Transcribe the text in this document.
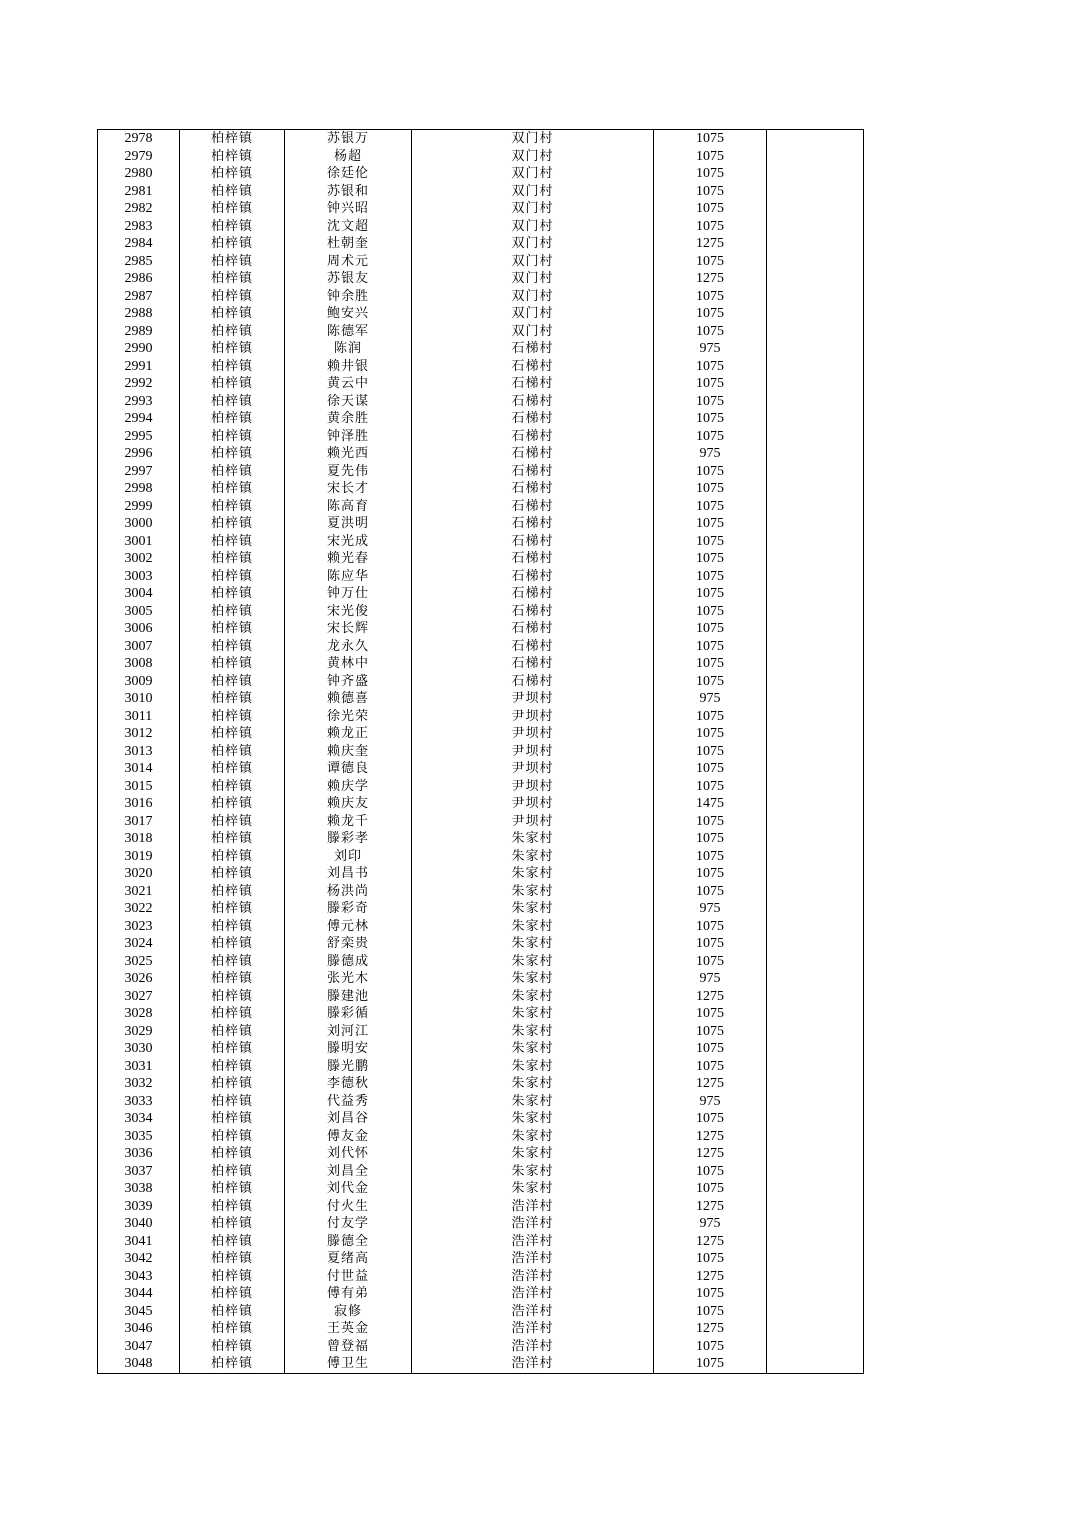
2978	柏梓镇	苏银万	双门村	1075	
2979	柏梓镇	杨超	双门村	1075	
2980	柏梓镇	徐廷伦	双门村	1075	
2981	柏梓镇	苏银和	双门村	1075	
2982	柏梓镇	钟兴昭	双门村	1075	
2983	柏梓镇	沈文超	双门村	1075	
2984	柏梓镇	杜朝奎	双门村	1275	
2985	柏梓镇	周术元	双门村	1075	
2986	柏梓镇	苏银友	双门村	1275	
2987	柏梓镇	钟余胜	双门村	1075	
2988	柏梓镇	鲍安兴	双门村	1075	
2989	柏梓镇	陈德军	双门村	1075	
2990	柏梓镇	陈润	石梯村	975	
2991	柏梓镇	赖井银	石梯村	1075	
2992	柏梓镇	黄云中	石梯村	1075	
2993	柏梓镇	徐天谋	石梯村	1075	
2994	柏梓镇	黄余胜	石梯村	1075	
2995	柏梓镇	钟泽胜	石梯村	1075	
2996	柏梓镇	赖光西	石梯村	975	
2997	柏梓镇	夏先伟	石梯村	1075	
2998	柏梓镇	宋长才	石梯村	1075	
2999	柏梓镇	陈高育	石梯村	1075	
3000	柏梓镇	夏洪明	石梯村	1075	
3001	柏梓镇	宋光成	石梯村	1075	
3002	柏梓镇	赖光春	石梯村	1075	
3003	柏梓镇	陈应华	石梯村	1075	
3004	柏梓镇	钟万仕	石梯村	1075	
3005	柏梓镇	宋光俊	石梯村	1075	
3006	柏梓镇	宋长辉	石梯村	1075	
3007	柏梓镇	龙永久	石梯村	1075	
3008	柏梓镇	黄林中	石梯村	1075	
3009	柏梓镇	钟齐盛	石梯村	1075	
3010	柏梓镇	赖德喜	尹坝村	975	
3011	柏梓镇	徐光荣	尹坝村	1075	
3012	柏梓镇	赖龙正	尹坝村	1075	
3013	柏梓镇	赖庆奎	尹坝村	1075	
3014	柏梓镇	谭德良	尹坝村	1075	
3015	柏梓镇	赖庆学	尹坝村	1075	
3016	柏梓镇	赖庆友	尹坝村	1475	
3017	柏梓镇	赖龙千	尹坝村	1075	
3018	柏梓镇	滕彩孝	朱家村	1075	
3019	柏梓镇	刘印	朱家村	1075	
3020	柏梓镇	刘昌书	朱家村	1075	
3021	柏梓镇	杨洪尚	朱家村	1075	
3022	柏梓镇	滕彩奇	朱家村	975	
3023	柏梓镇	傅元林	朱家村	1075	
3024	柏梓镇	舒栾贵	朱家村	1075	
3025	柏梓镇	滕德成	朱家村	1075	
3026	柏梓镇	张光木	朱家村	975	
3027	柏梓镇	滕建池	朱家村	1275	
3028	柏梓镇	滕彩循	朱家村	1075	
3029	柏梓镇	刘河江	朱家村	1075	
3030	柏梓镇	滕明安	朱家村	1075	
3031	柏梓镇	滕光鹏	朱家村	1075	
3032	柏梓镇	李德秋	朱家村	1275	
3033	柏梓镇	代益秀	朱家村	975	
3034	柏梓镇	刘昌谷	朱家村	1075	
3035	柏梓镇	傅友金	朱家村	1275	
3036	柏梓镇	刘代怀	朱家村	1275	
3037	柏梓镇	刘昌全	朱家村	1075	
3038	柏梓镇	刘代金	朱家村	1075	
3039	柏梓镇	付火生	浩洋村	1275	
3040	柏梓镇	付友学	浩洋村	975	
3041	柏梓镇	滕德全	浩洋村	1275	
3042	柏梓镇	夏绪高	浩洋村	1075	
3043	柏梓镇	付世益	浩洋村	1275	
3044	柏梓镇	傅有弟	浩洋村	1075	
3045	柏梓镇	寂修	浩洋村	1075	
3046	柏梓镇	王英金	浩洋村	1275	
3047	柏梓镇	曾登福	浩洋村	1075	
3048	柏梓镇	傅卫生	浩洋村	1075	
